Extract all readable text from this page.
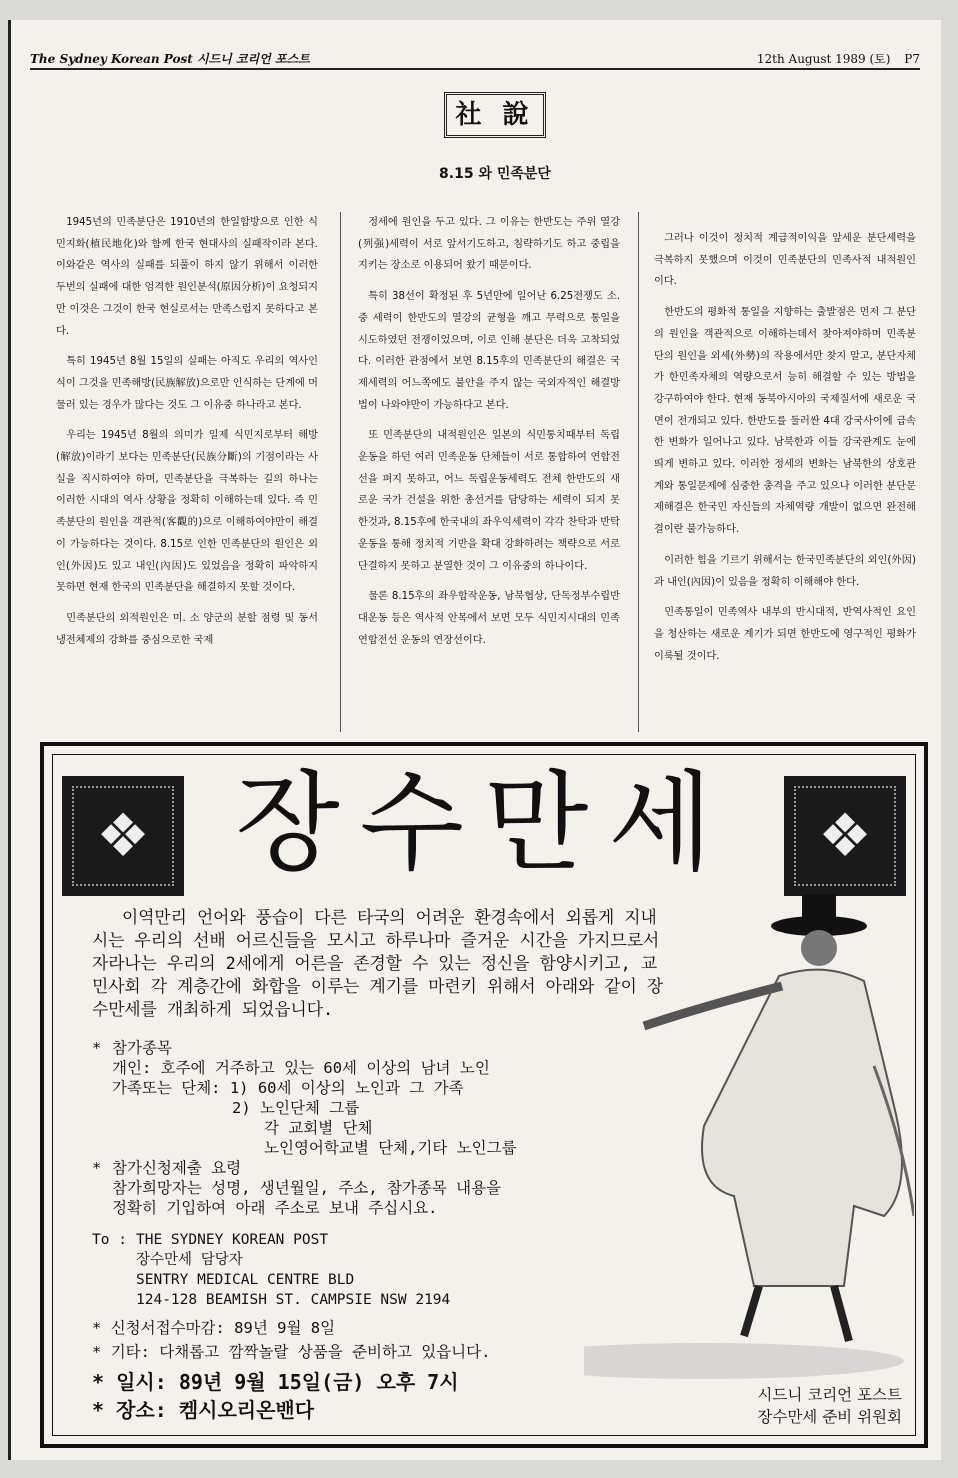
The Sydney Korean Post 시드니 코리언 포스트	12th August 1989 (토) P7
社 說
8.15 와 민족분단

1945년의 민족분단은 1910년의 한일합방으로 인한 식민지화(植民地化)와 함께 한국 현대사의 실패작이라 본다. 이와같은 역사의 실패를 되풀이 하지 않기 위해서 이러한 두번의 실패에 대한 엄격한 원인분석(原因分析)이 요청되지만 이것은 그것이 한국 현실로서는 만족스럽지 못하다고 본다.

특히 1945년 8월 15일의 실패는 아직도 우리의 역사인식이 그것을 민족해방(民族解放)으로만 인식하는 단계에 머물러 있는 경우가 많다는 것도 그 이유중 하나라고 본다.

우리는 1945년 8월의 의미가 일제 식민지로부터 해방(解放)이라기 보다는 민족분단(民族分斷)의 기점이라는 사실을 직시하여야 하며, 민족분단을 극복하는 길의 하나는 이러한 시대의 역사 상황을 정확히 이해하는데 있다. 즉 민족분단의 원인을 객관적(客觀的)으로 이해하여야만이 해결이 가능하다는 것이다. 8.15로 인한 민족분단의 원인은 외인(外因)도 있고 내인(內因)도 있었음을 정확히 파악하지 못하면 현재 한국의 민족분단을 해결하지 못할 것이다.

민족분단의 외적원인은 미. 소 양군의 분할 점령 및 동서 냉전체제의 강화를 중심으로한 국제

정세에 원인을 두고 있다. 그 이유는 한반도는 주위 열강(列强)세력이 서로 앞서기도하고, 침략하기도 하고 중립을 지키는 장소로 이용되어 왔기 때문이다.

특히 38선이 확정된 후 5년만에 일어난 6.25전쟁도 소.중 세력이 한반도의 열강의 균형을 깨고 무력으로 통일을 시도하였던 전쟁이었으며, 이로 인해 분단은 더욱 고착되었다. 이러한 관점에서 보면 8.15후의 민족분단의 해결은 국제세력의 어느쪽에도 불안을 주지 않는 국외자적인 해결방법이 나와야만이 가능하다고 본다.

또 민족분단의 내적원인은 일본의 식민통치때부터 독립운동을 하던 여러 민족운동 단체들이 서로 통합하여 연합전선을 펴지 못하고, 어느 독립운동세력도 전체 한반도의 새로운 국가 건설을 위한 총선거를 담당하는 세력이 되지 못한것과, 8.15후에 한국내의 좌우익세력이 각각 찬탁과 반탁운동을 통해 정치적 기반을 확대 강화하려는 책략으로 서로 단결하지 못하고 분열한 것이 그 이유중의 하나이다.

물론 8.15후의 좌우합작운동, 남북협상, 단독정부수립반대운동 등은 역사적 안목에서 보면 모두 식민지시대의 민족 연합전선 운동의 연장선이다.

그러나 이것이 정치적 계급적이익을 앞세운 분단세력을 극복하지 못했으며 이것이 민족분단의 민족사적 내적원인이다.

한반도의 평화적 통일을 지향하는 출발점은 먼저 그 분단의 원인을 객관적으로 이해하는데서 찾아져야하며 민족분단의 원인을 외세(外勢)의 작용에서만 찾지 말고, 분단자체가 한민족자체의 역량으로서 능히 해결할 수 있는 방법을 강구하여야 한다. 현재 동북아시아의 국제질서에 새로운 국면이 전개되고 있다. 한반도를 둘러싼 4대 강국사이에 급속한 변화가 일어나고 있다. 남북한과 이들 강국관계도 눈에 띄게 변하고 있다. 이러한 정세의 변화는 남북한의 상호관계와 통일문제에 심중한 충격을 주고 있으나 이러한 분단문제해결은 한국민 자신들의 자체역량 개발이 없으면 완전해결이란 불가능하다.

이러한 힘을 기르기 위해서는 한국민족분단의 외인(外因)과 내인(內因)이 있음을 정확히 이해해야 한다.

민족통일이 민족역사 내부의 반시대적, 반역사적인 요인을 청산하는 새로운 계기가 되면 한반도에 영구적인 평화가 이룩될 것이다.

❖	❖
장수만세
이역만리 언어와 풍습이 다른 타국의 어려운 환경속에서 외롭게 지내시는 우리의 선배 어르신들을 모시고 하루나마 즐거운 시간을 가지므로서 자라나는 우리의 2세에게 어른을 존경할 수 있는 정신을 함양시키고, 교민사회 각 계층간에 화합을 이루는 계기를 마련키 위해서 아래와 같이 장수만세를 개최하게 되었읍니다.
* 참가종목
개인: 호주에 거주하고 있는 60세 이상의 남녀 노인
가족또는 단체: 1) 60세 이상의 노인과 그 가족
2) 노인단체 그룹
각 교회별 단체
노인영어학교별 단체,기타 노인그룹
* 참가신청제출 요령
참가희망자는 성명, 생년월일, 주소, 참가종목 내용을
정확히 기입하여 아래 주소로 보내 주십시요.
To : THE SYDNEY KOREAN POST
장수만세 담당자
SENTRY MEDICAL CENTRE BLD
124-128 BEAMISH ST. CAMPSIE NSW 2194
* 신청서접수마감: 89년 9월 8일
* 기타: 다채롭고 깜짝놀랄 상품을 준비하고 있읍니다.
* 일시: 89년 9월 15일(금) 오후 7시
* 장소: 켐시오리온밴다
시드니 코리언 포스트
장수만세 준비 위원회
